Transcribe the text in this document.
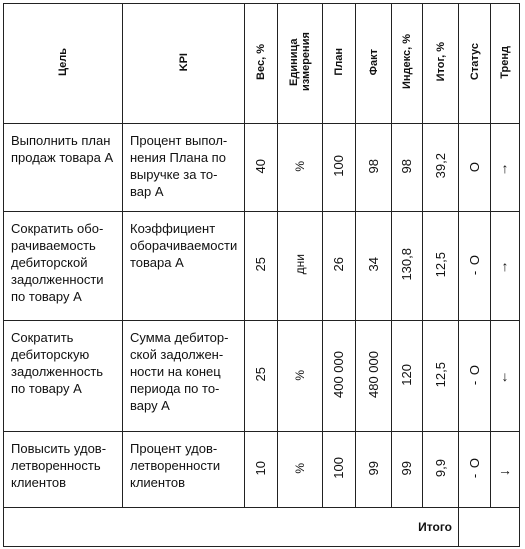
Цель	KPI	Вес, %	Единица измерения	План	Факт	Индекс, %	Итог, %	Статус	Тренд
Выполнить план продаж товара А	Процент выпол-нения Плана по выручке за то-вар А	40	%	100	98	98	39,2	О	↑
Сократить обо-рачиваемость дебиторской задолженности по товару А	Коэффициент оборачиваемости товара А	25	дни	26	34	130,8	12,5	- О	↑
Сократить дебиторскую задолженность по товару А	Сумма дебитор-ской задолжен-ности на конец периода по то-вару А	25	%	400 000	480 000	120	12,5	- О	↓
Повысить удов-летворенность клиентов	Процент удов-летворенности клиентов	10	%	100	99	99	9,9	- О	→
Итого									
